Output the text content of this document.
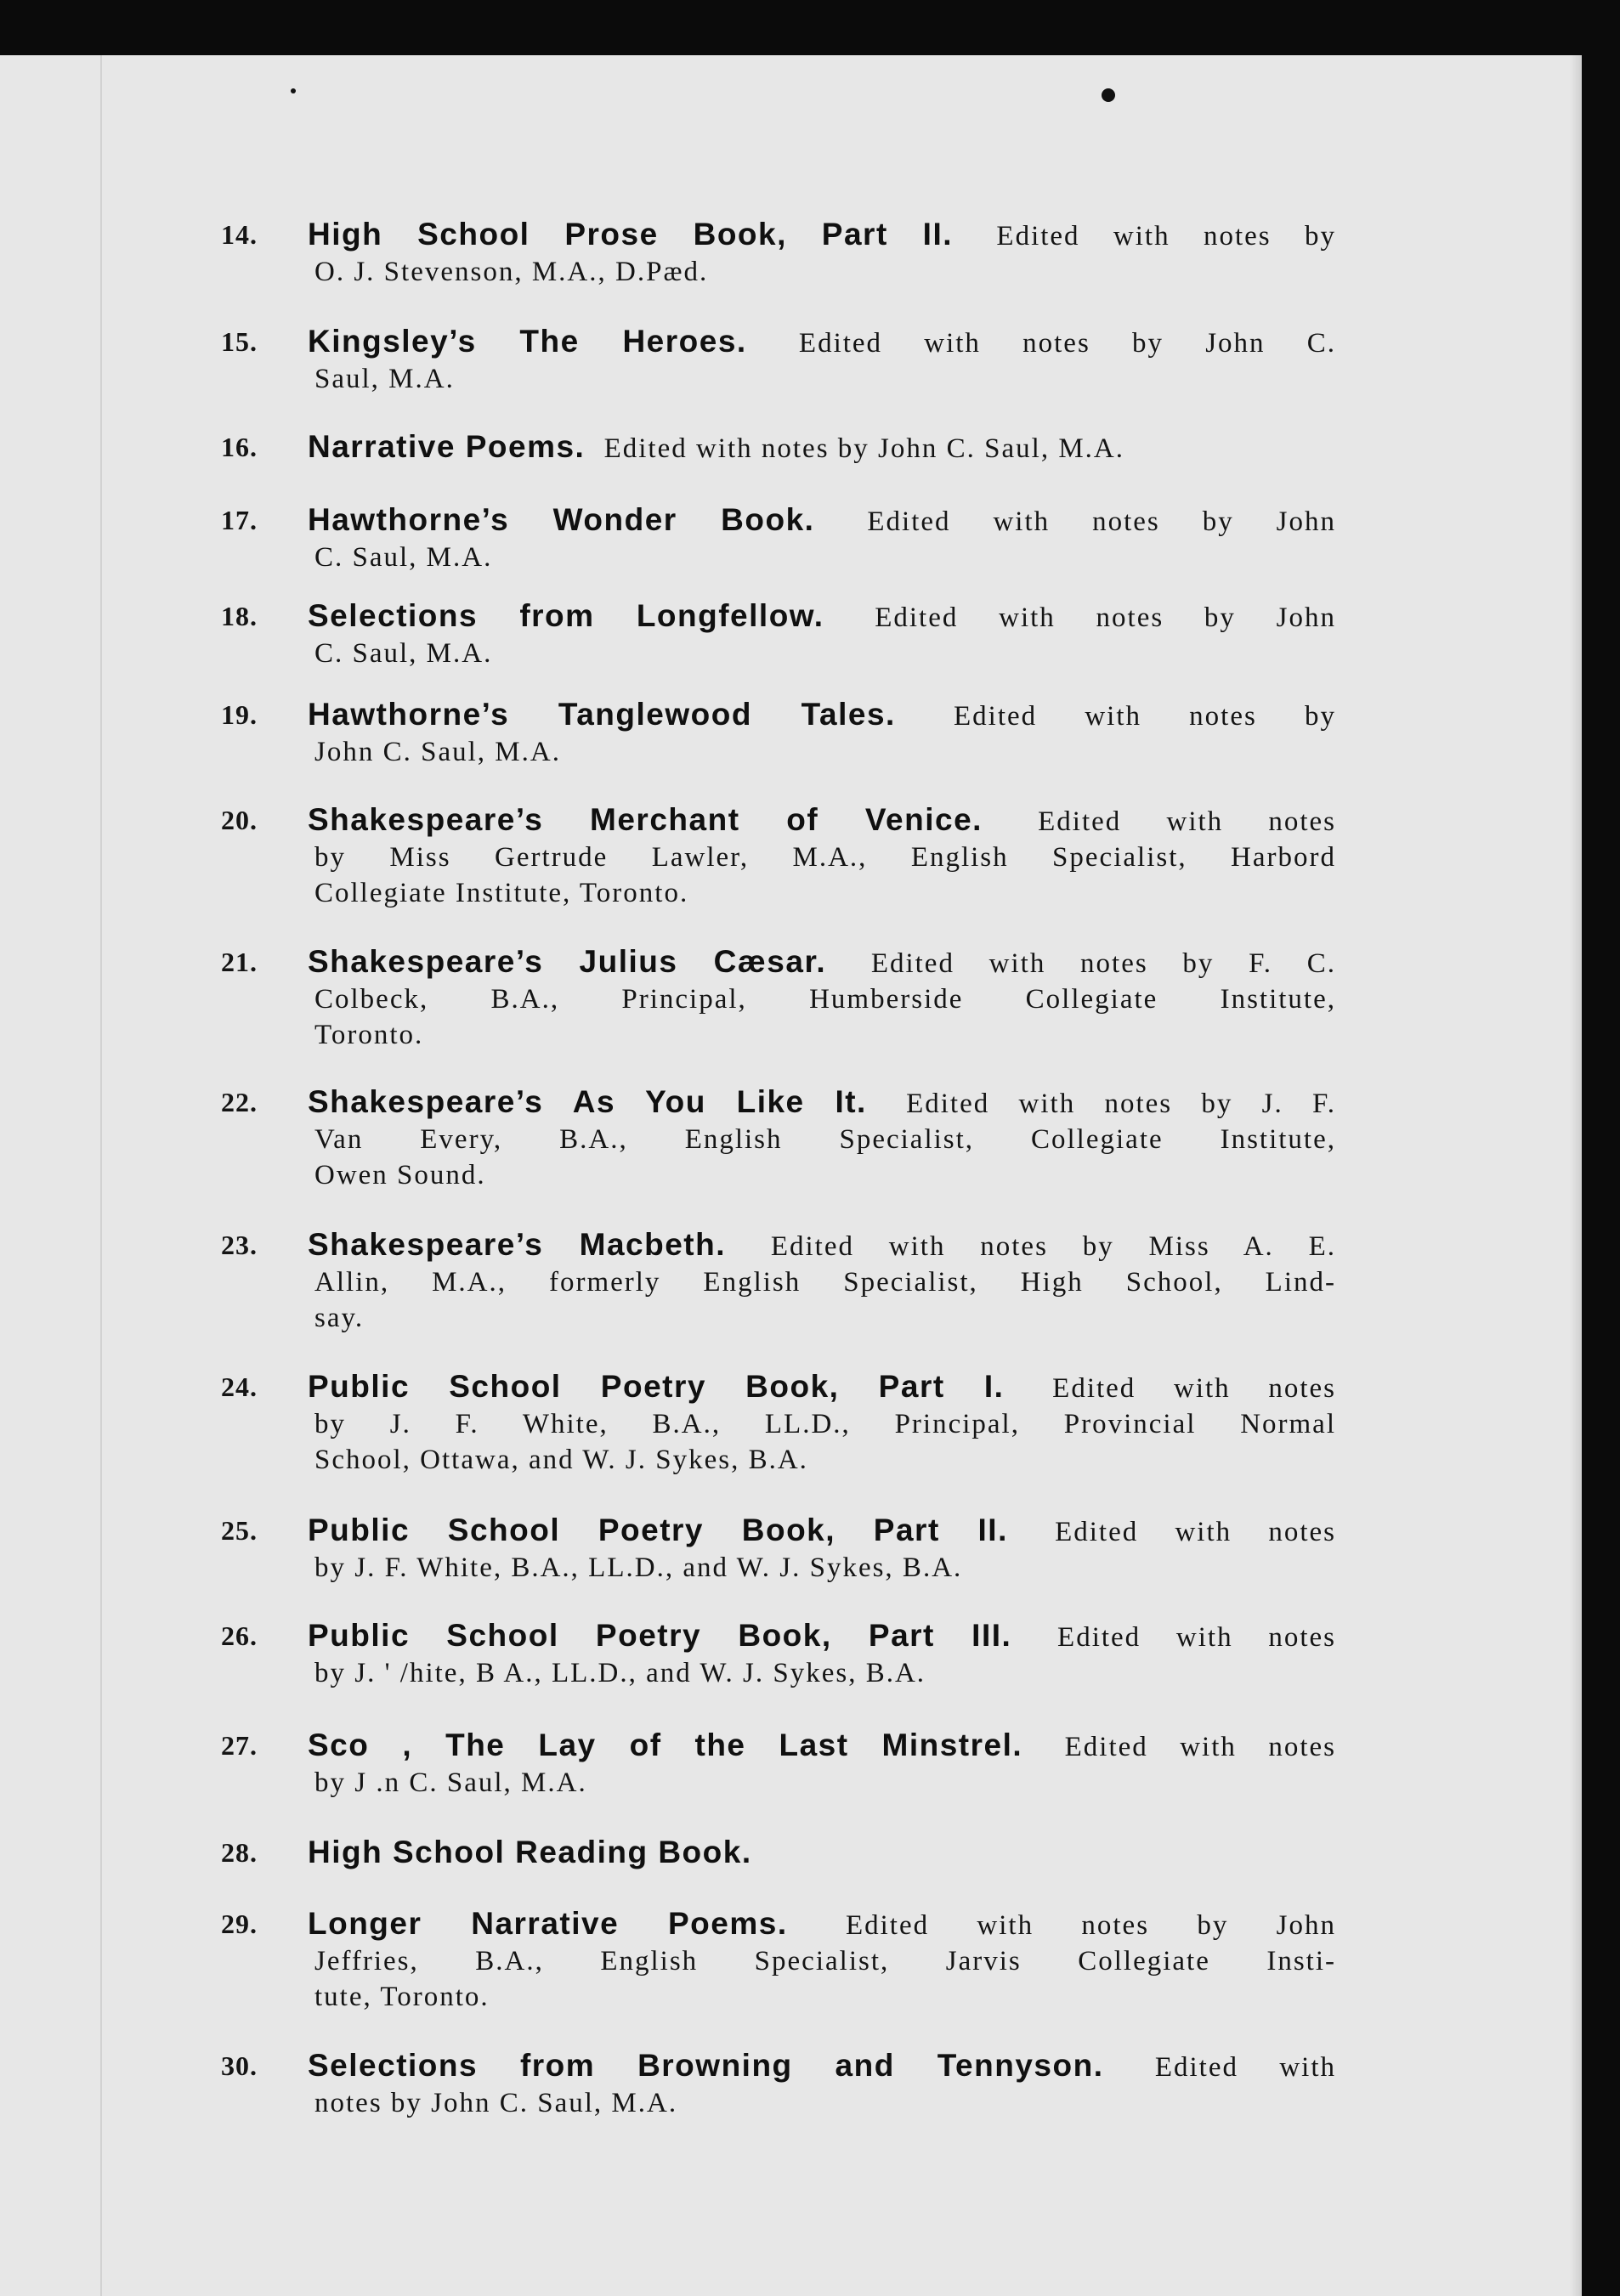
14. High School Prose Book, Part II. Edited with notes by
O. J. Stevenson, M.A., D.Pæd.
15. Kingsley’s The Heroes. Edited with notes by John C.
Saul, M.A.
16. Narrative Poems. Edited with notes by John C. Saul, M.A.
17. Hawthorne’s Wonder Book. Edited with notes by John
C. Saul, M.A.
18. Selections from Longfellow. Edited with notes by John
C. Saul, M.A.
19. Hawthorne’s Tanglewood Tales. Edited with notes by
John C. Saul, M.A.
20. Shakespeare’s Merchant of Venice. Edited with notes
by Miss Gertrude Lawler, M.A., English Specialist, Harbord
Collegiate Institute, Toronto.
21. Shakespeare’s Julius Cæsar. Edited with notes by F. C.
Colbeck, B.A., Principal, Humberside Collegiate Institute,
Toronto.
22. Shakespeare’s As You Like It. Edited with notes by J. F.
Van Every, B.A., English Specialist, Collegiate Institute,
Owen Sound.
23. Shakespeare’s Macbeth. Edited with notes by Miss A. E.
Allin, M.A., formerly English Specialist, High School, Lind-
say.
24. Public School Poetry Book, Part I. Edited with notes
by J. F. White, B.A., LL.D., Principal, Provincial Normal
School, Ottawa, and W. J. Sykes, B.A.
25. Public School Poetry Book, Part II. Edited with notes
by J. F. White, B.A., LL.D., and W. J. Sykes, B.A.
26. Public School Poetry Book, Part III. Edited with notes
by J. ' /hite, B A., LL.D., and W. J. Sykes, B.A.
27. Sco , The Lay of the Last Minstrel. Edited with notes
by J .n C. Saul, M.A.
28. High School Reading Book.
29. Longer Narrative Poems. Edited with notes by John
Jeffries, B.A., English Specialist, Jarvis Collegiate Insti-
tute, Toronto.
30. Selections from Browning and Tennyson. Edited with
notes by John C. Saul, M.A.
